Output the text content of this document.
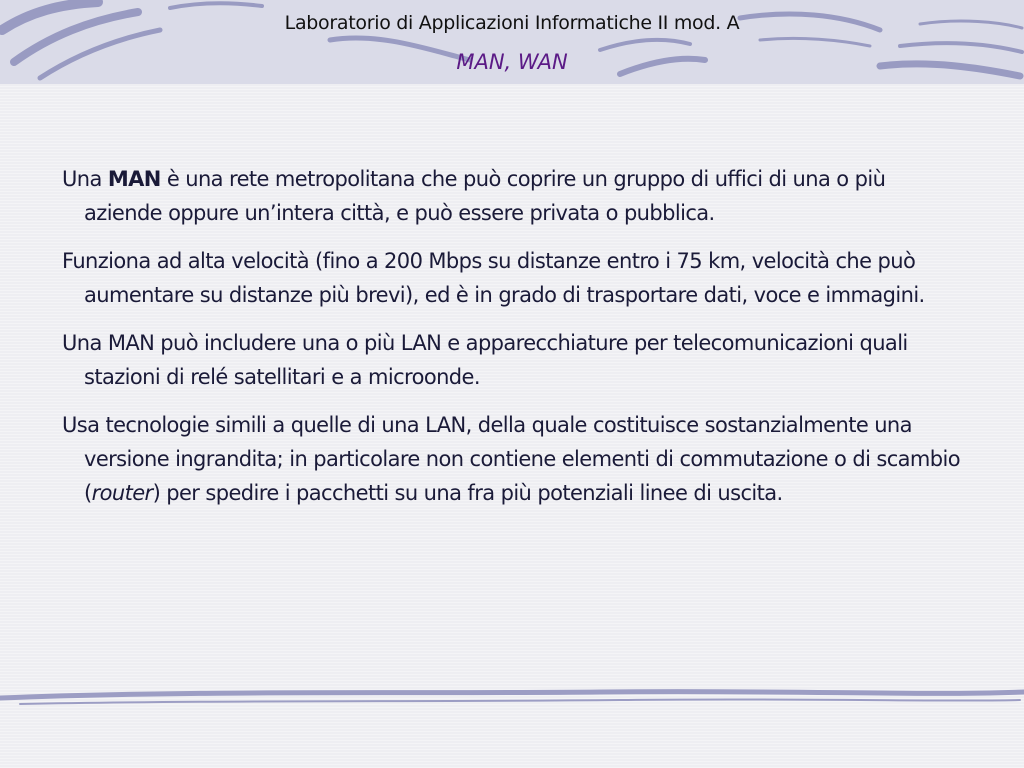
Laboratorio di Applicazioni Informatiche II mod. A
MAN, WAN

Una MAN è una rete metropolitana che può coprire un gruppo di uffici di una o più aziende oppure un’intera città, e può essere privata o pubblica.

Funziona ad alta velocità (fino a 200 Mbps su distanze entro i 75 km, velocità che può aumentare su distanze più brevi), ed è in grado di trasportare dati, voce e immagini.

Una MAN può includere una o più LAN e apparecchiature per telecomunicazioni quali stazioni di relé satellitari e a microonde.

Usa tecnologie simili a quelle di una LAN, della quale costituisce sostanzialmente una versione ingrandita; in particolare non contiene elementi di commutazione o di scambio (router) per spedire i pacchetti su una fra più potenziali linee di uscita.
